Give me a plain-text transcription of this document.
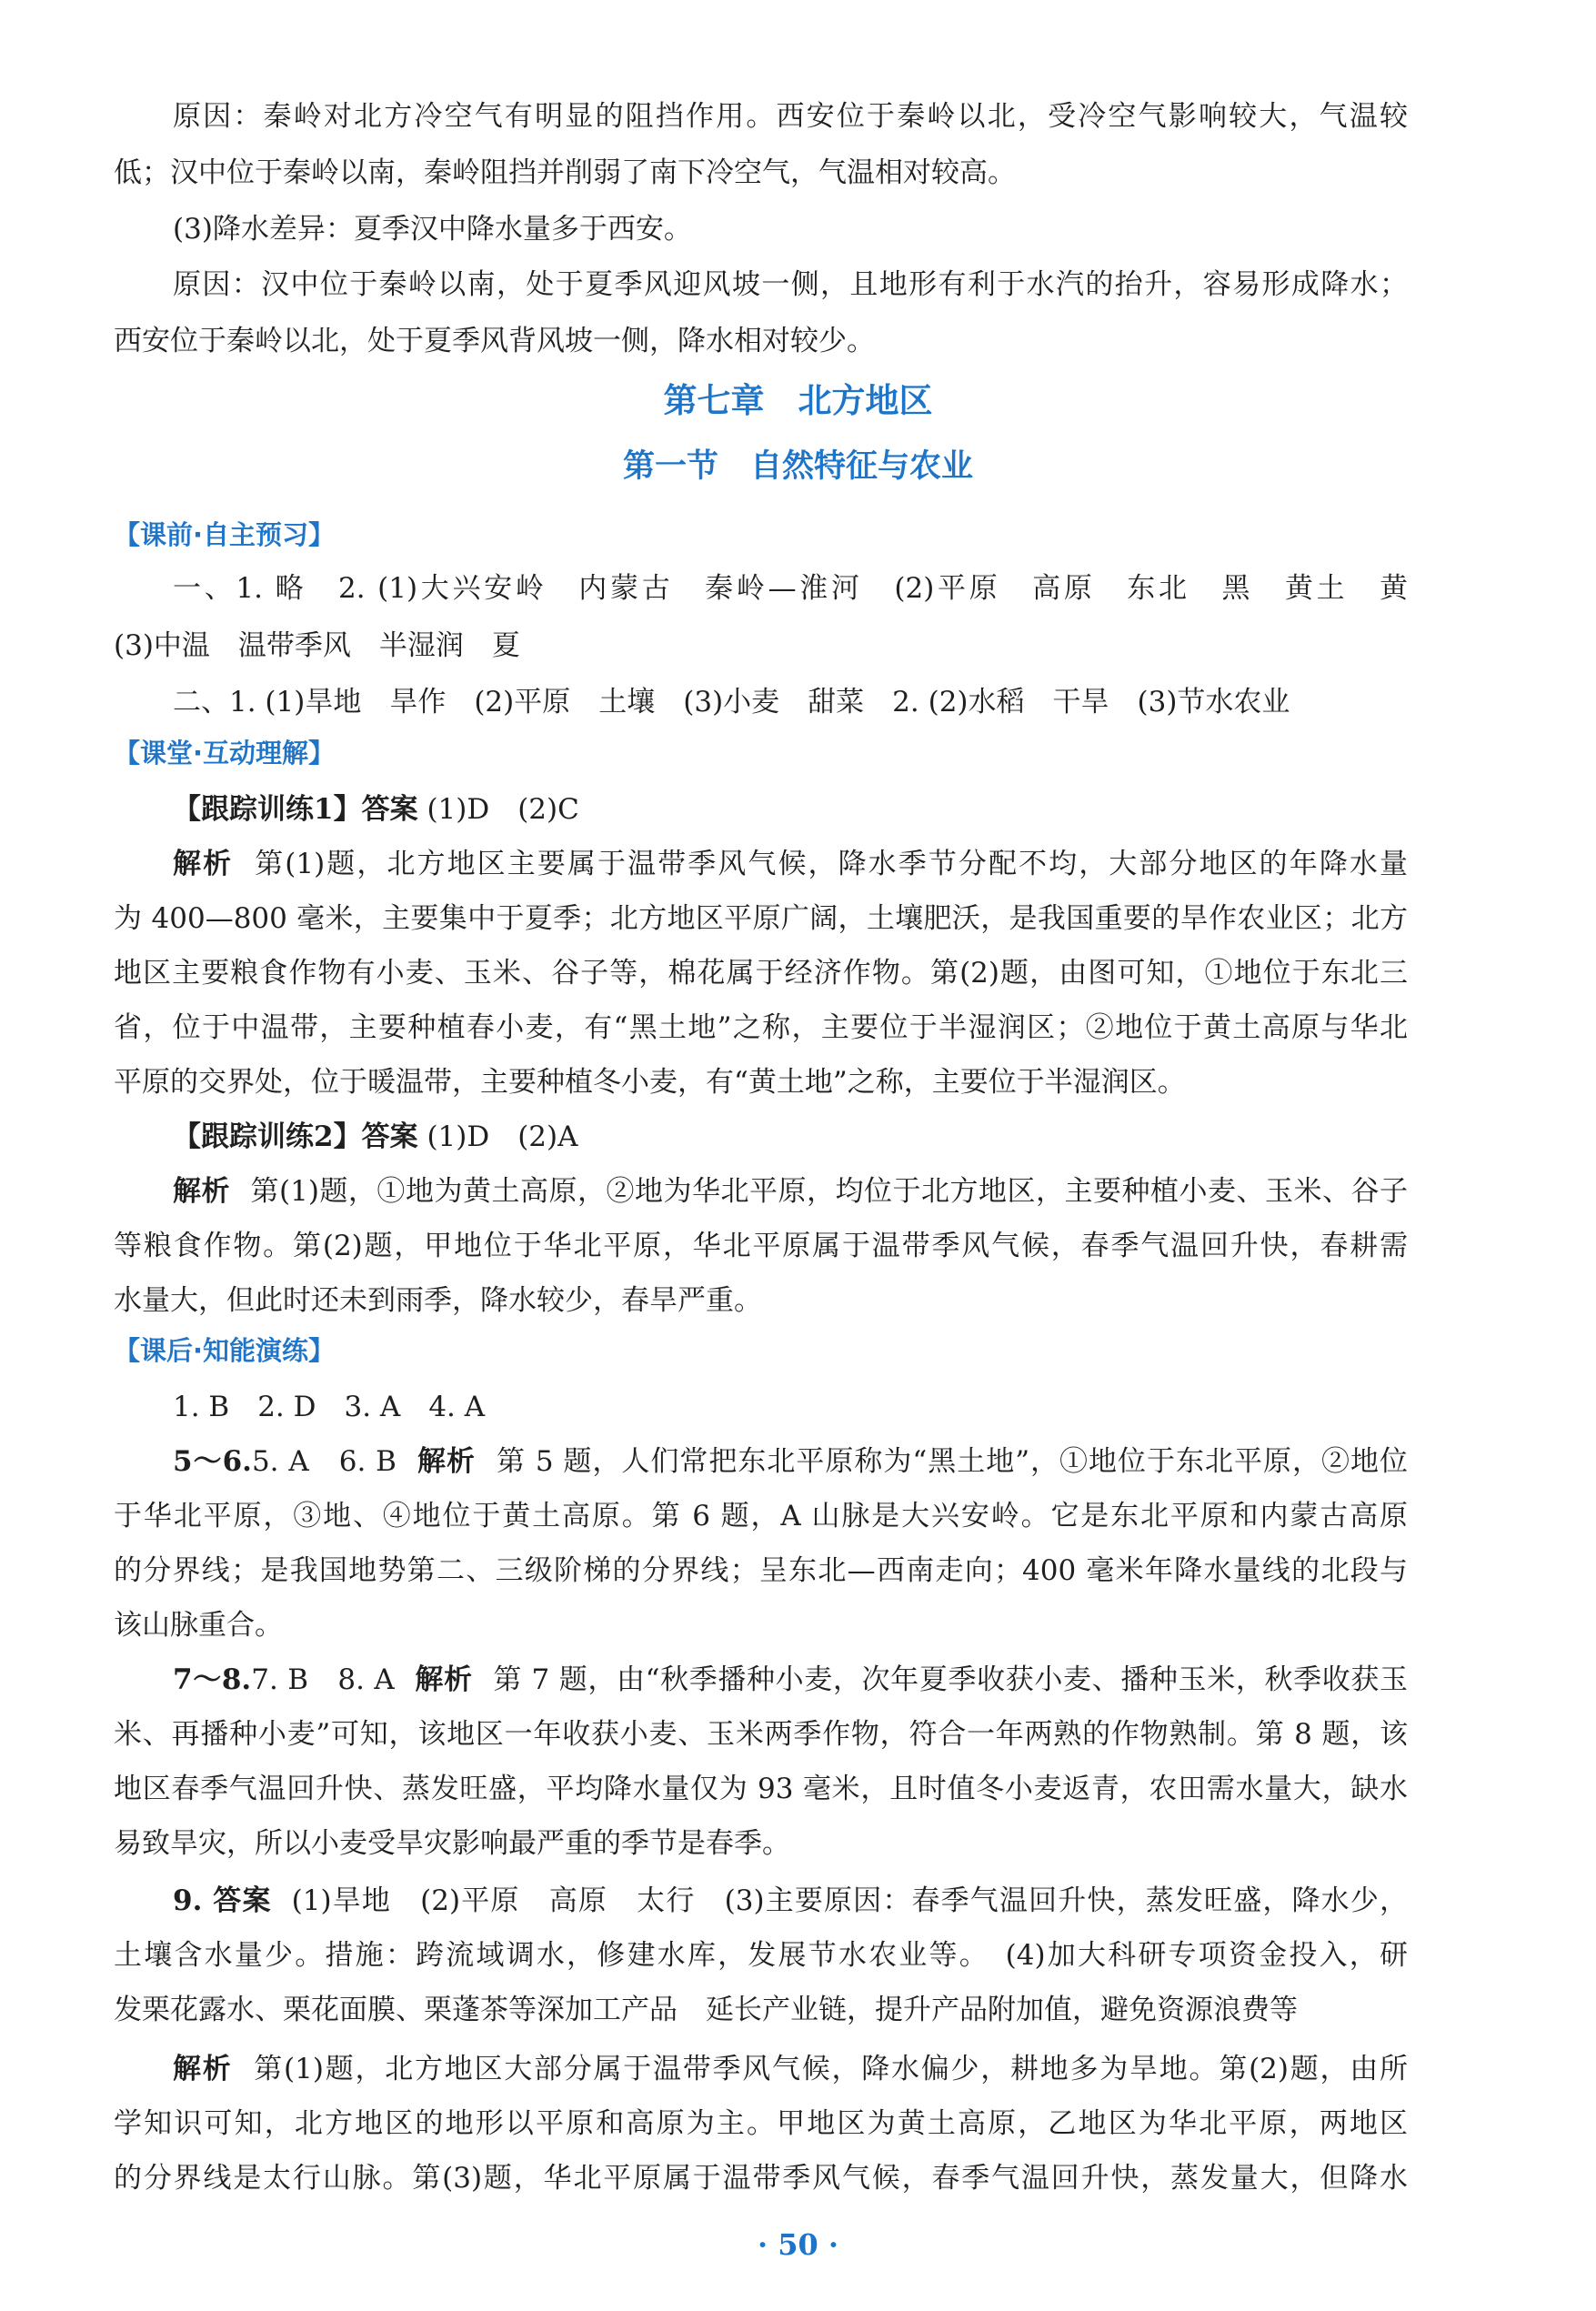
原因：秦岭对北方冷空气有明显的阻挡作用。西安位于秦岭以北，受冷空气影响较大，气温较
低；汉中位于秦岭以南，秦岭阻挡并削弱了南下冷空气，气温相对较高。
(3)降水差异：夏季汉中降水量多于西安。
原因：汉中位于秦岭以南，处于夏季风迎风坡一侧，且地形有利于水汽的抬升，容易形成降水；
西安位于秦岭以北，处于夏季风背风坡一侧，降水相对较少。
第七章　北方地区
第一节　自然特征与农业
【课前·自主预习】
一、1. 略　2. (1)大兴安岭　内蒙古　秦岭—淮河　(2)平原　高原　东北　黑　黄土　黄
(3)中温　温带季风　半湿润　夏
二、1. (1)旱地　旱作　(2)平原　土壤　(3)小麦　甜菜　2. (2)水稻　干旱　(3)节水农业
【课堂·互动理解】
【跟踪训练1】答案 (1)D　(2)C
解析 第(1)题，北方地区主要属于温带季风气候，降水季节分配不均，大部分地区的年降水量
为 400—800 毫米，主要集中于夏季；北方地区平原广阔，土壤肥沃，是我国重要的旱作农业区；北方
地区主要粮食作物有小麦、玉米、谷子等，棉花属于经济作物。第(2)题，由图可知，①地位于东北三
省，位于中温带，主要种植春小麦，有“黑土地”之称，主要位于半湿润区；②地位于黄土高原与华北
平原的交界处，位于暖温带，主要种植冬小麦，有“黄土地”之称，主要位于半湿润区。
【跟踪训练2】答案 (1)D　(2)A
解析 第(1)题，①地为黄土高原，②地为华北平原，均位于北方地区，主要种植小麦、玉米、谷子
等粮食作物。第(2)题，甲地位于华北平原，华北平原属于温带季风气候，春季气温回升快，春耕需
水量大，但此时还未到雨季，降水较少，春旱严重。
【课后·知能演练】
1. B　2. D　3. A　4. A
5～6.5. A　6. B 解析 第 5 题，人们常把东北平原称为“黑土地”，①地位于东北平原，②地位
于华北平原，③地、④地位于黄土高原。第 6 题，A 山脉是大兴安岭。它是东北平原和内蒙古高原
的分界线；是我国地势第二、三级阶梯的分界线；呈东北—西南走向；400 毫米年降水量线的北段与
该山脉重合。
7～8.7. B　8. A 解析 第 7 题，由“秋季播种小麦，次年夏季收获小麦、播种玉米，秋季收获玉
米、再播种小麦”可知，该地区一年收获小麦、玉米两季作物，符合一年两熟的作物熟制。第 8 题，该
地区春季气温回升快、蒸发旺盛，平均降水量仅为 93 毫米，且时值冬小麦返青，农田需水量大，缺水
易致旱灾，所以小麦受旱灾影响最严重的季节是春季。
9. 答案 (1)旱地　(2)平原　高原　太行　(3)主要原因：春季气温回升快，蒸发旺盛，降水少，
土壤含水量少。措施：跨流域调水，修建水库，发展节水农业等。　(4)加大科研专项资金投入，研
发栗花露水、栗花面膜、栗蓬茶等深加工产品　延长产业链，提升产品附加值，避免资源浪费等
解析 第(1)题，北方地区大部分属于温带季风气候，降水偏少，耕地多为旱地。第(2)题，由所
学知识可知，北方地区的地形以平原和高原为主。甲地区为黄土高原，乙地区为华北平原，两地区
的分界线是太行山脉。第(3)题，华北平原属于温带季风气候，春季气温回升快，蒸发量大，但降水
· 50 ·
